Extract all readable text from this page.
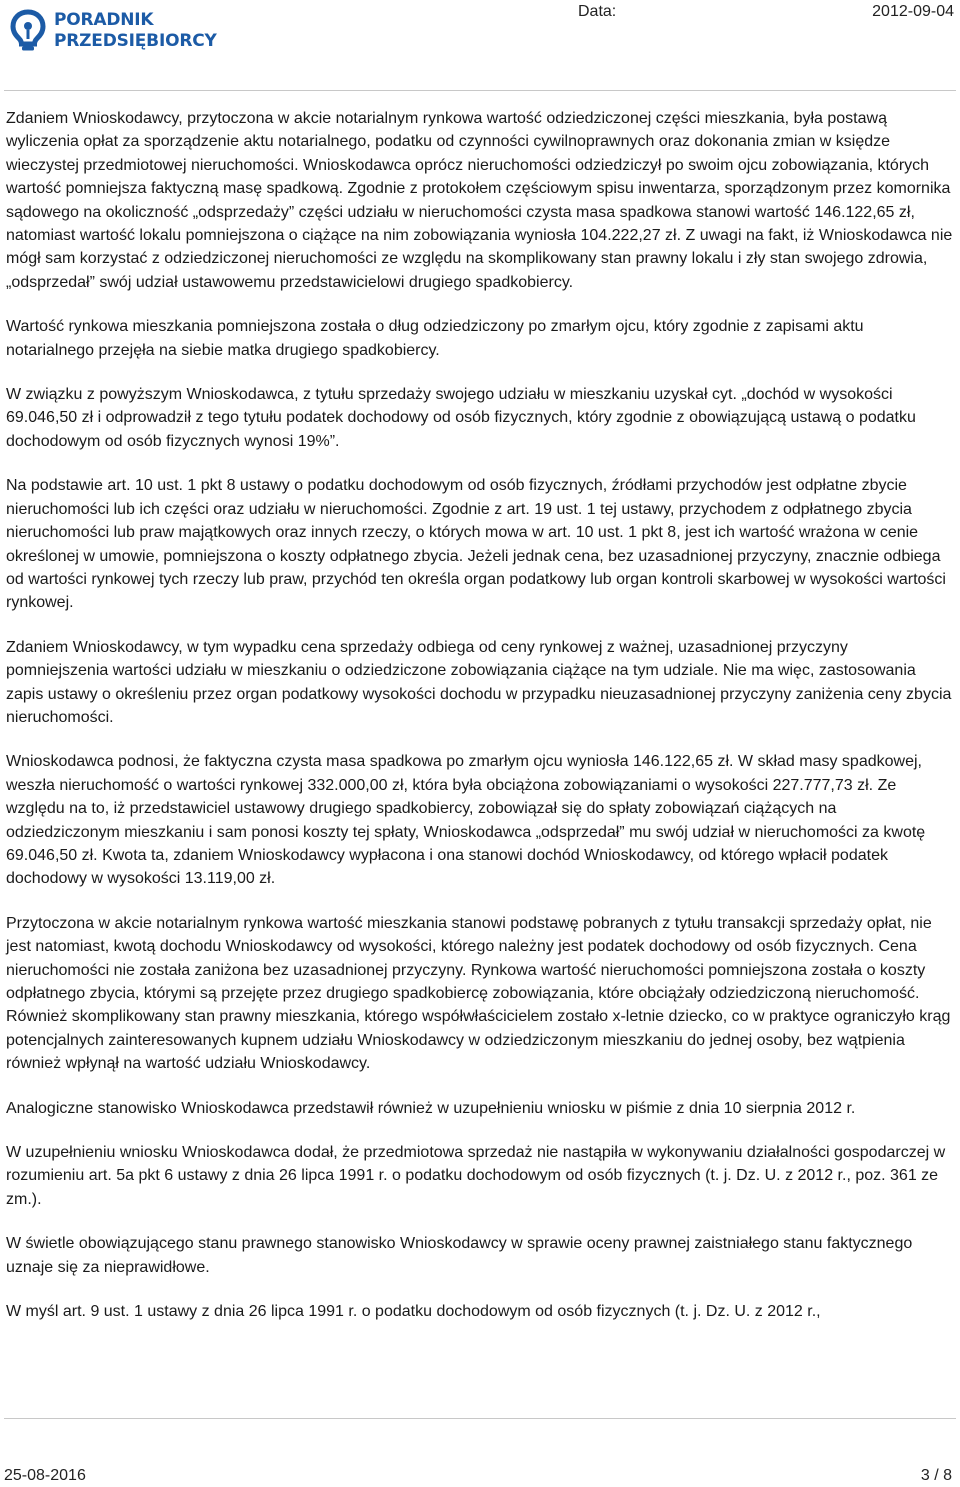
PORADNIK
PRZEDSIĘBIORCY
Data:	2012-09-04

Zdaniem Wnioskodawcy, przytoczona w akcie notarialnym rynkowa wartość odziedziczonej części mieszkania, była postawą wyliczenia opłat za sporządzenie aktu notarialnego, podatku od czynności cywilnoprawnych oraz dokonania zmian w księdze wieczystej przedmiotowej nieruchomości. Wnioskodawca oprócz nieruchomości odziedziczył po swoim ojcu zobowiązania, których wartość pomniejsza faktyczną masę spadkową. Zgodnie z protokołem częściowym spisu inwentarza, sporządzonym przez komornika sądowego na okoliczność „odsprzedaży” części udziału w nieruchomości czysta masa spadkowa stanowi wartość 146.122,65 zł, natomiast wartość lokalu pomniejszona o ciążące na nim zobowiązania wyniosła 104.222,27 zł. Z uwagi na fakt, iż Wnioskodawca nie mógł sam korzystać z odziedziczonej nieruchomości ze względu na skomplikowany stan prawny lokalu i zły stan swojego zdrowia, „odsprzedał” swój udział ustawowemu przedstawicielowi drugiego spadkobiercy.

Wartość rynkowa mieszkania pomniejszona została o dług odziedziczony po zmarłym ojcu, który zgodnie z zapisami aktu notarialnego przejęła na siebie matka drugiego spadkobiercy.

W związku z powyższym Wnioskodawca, z tytułu sprzedaży swojego udziału w mieszkaniu uzyskał cyt. „dochód w wysokości 69.046,50 zł i odprowadził z tego tytułu podatek dochodowy od osób fizycznych, który zgodnie z obowiązującą ustawą o podatku dochodowym od osób fizycznych wynosi 19%”.

Na podstawie art. 10 ust. 1 pkt 8 ustawy o podatku dochodowym od osób fizycznych, źródłami przychodów jest odpłatne zbycie nieruchomości lub ich części oraz udziału w nieruchomości. Zgodnie z art. 19 ust. 1 tej ustawy, przychodem z odpłatnego zbycia nieruchomości lub praw majątkowych oraz innych rzeczy, o których mowa w art. 10 ust. 1 pkt 8, jest ich wartość wrażona w cenie określonej w umowie, pomniejszona o koszty odpłatnego zbycia. Jeżeli jednak cena, bez uzasadnionej przyczyny, znacznie odbiega od wartości rynkowej tych rzeczy lub praw, przychód ten określa organ podatkowy lub organ kontroli skarbowej w wysokości wartości rynkowej.

Zdaniem Wnioskodawcy, w tym wypadku cena sprzedaży odbiega od ceny rynkowej z ważnej, uzasadnionej przyczyny pomniejszenia wartości udziału w mieszkaniu o odziedziczone zobowiązania ciążące na tym udziale. Nie ma więc, zastosowania zapis ustawy o określeniu przez organ podatkowy wysokości dochodu w przypadku nieuzasadnionej przyczyny zaniżenia ceny zbycia nieruchomości.

Wnioskodawca podnosi, że faktyczna czysta masa spadkowa po zmarłym ojcu wyniosła 146.122,65 zł. W skład masy spadkowej, weszła nieruchomość o wartości rynkowej 332.000,00 zł, która była obciążona zobowiązaniami o wysokości 227.777,73 zł. Ze względu na to, iż przedstawiciel ustawowy drugiego spadkobiercy, zobowiązał się do spłaty zobowiązań ciążących na odziedziczonym mieszkaniu i sam ponosi koszty tej spłaty, Wnioskodawca „odsprzedał” mu swój udział w nieruchomości za kwotę 69.046,50 zł. Kwota ta, zdaniem Wnioskodawcy wypłacona i ona stanowi dochód Wnioskodawcy, od którego wpłacił podatek dochodowy w wysokości 13.119,00 zł.

Przytoczona w akcie notarialnym rynkowa wartość mieszkania stanowi podstawę pobranych z tytułu transakcji sprzedaży opłat, nie jest natomiast, kwotą dochodu Wnioskodawcy od wysokości, którego należny jest podatek dochodowy od osób fizycznych. Cena nieruchomości nie została zaniżona bez uzasadnionej przyczyny. Rynkowa wartość nieruchomości pomniejszona została o koszty odpłatnego zbycia, którymi są przejęte przez drugiego spadkobiercę zobowiązania, które obciążały odziedziczoną nieruchomość. Również skomplikowany stan prawny mieszkania, którego współwłaścicielem zostało x-letnie dziecko, co w praktyce ograniczyło krąg potencjalnych zainteresowanych kupnem udziału Wnioskodawcy w odziedziczonym mieszkaniu do jednej osoby, bez wątpienia również wpłynął na wartość udziału Wnioskodawcy.

Analogiczne stanowisko Wnioskodawca przedstawił również w uzupełnieniu wniosku w piśmie z dnia 10 sierpnia 2012 r.

W uzupełnieniu wniosku Wnioskodawca dodał, że przedmiotowa sprzedaż nie nastąpiła w wykonywaniu działalności gospodarczej w rozumieniu art. 5a pkt 6 ustawy z dnia 26 lipca 1991 r. o podatku dochodowym od osób fizycznych (t. j. Dz. U. z 2012 r., poz. 361 ze zm.).

W świetle obowiązującego stanu prawnego stanowisko Wnioskodawcy w sprawie oceny prawnej zaistniałego stanu faktycznego uznaje się za nieprawidłowe.

W myśl art. 9 ust. 1 ustawy z dnia 26 lipca 1991 r. o podatku dochodowym od osób fizycznych (t. j. Dz. U. z 2012 r.,

25-08-2016	3 / 8
